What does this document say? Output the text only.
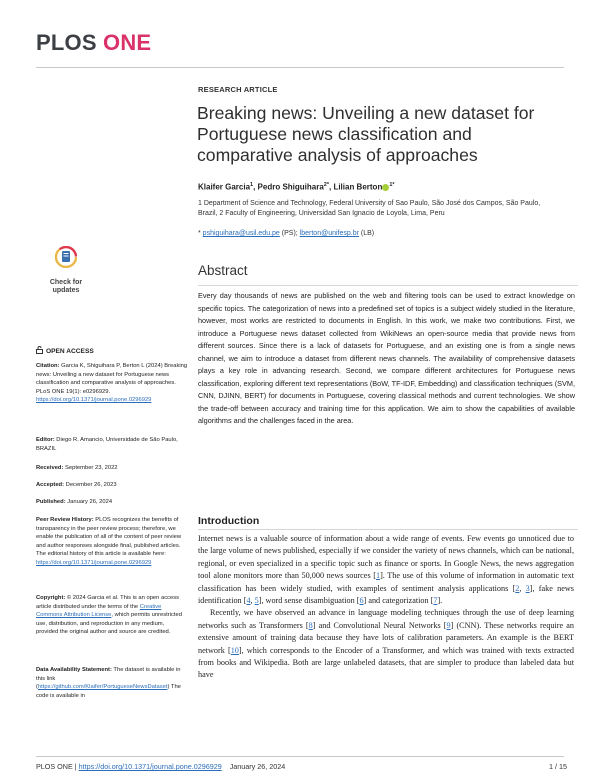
PLOS ONE
RESEARCH ARTICLE
Breaking news: Unveiling a new dataset for Portuguese news classification and comparative analysis of approaches
Klaifer Garcia$^1$, Pedro Shiguihara$^{2*}$, Lilian Berton $^{1*}$
1 Department of Science and Technology, Federal University of Sao Paulo, São José dos Campos, São Paulo, Brazil, 2 Faculty of Engineering, Universidad San Ignacio de Loyola, Lima, Peru
* pshiguihara@usil.edu.pe (PS); lberton@unifesp.br (LB)
Check for
updates
Abstract
Every day thousands of news are published on the web and filtering tools can be used to extract knowledge on specific topics. The categorization of news into a predefined set of topics is a subject widely studied in the literature, however, most works are restricted to documents in English. In this work, we make two contributions. First, we introduce a Portuguese news dataset collected from WikiNews an open-source media that provide news from different sources. Since there is a lack of datasets for Portuguese, and an existing one is from a single news channel, we aim to introduce a dataset from different news channels. The availability of comprehensive datasets plays a key role in advancing research. Second, we compare different architectures for Portuguese news classification, exploring different text representations (BoW, TF-IDF, Embedding) and classification techniques (SVM, CNN, DJINN, BERT) for documents in Portuguese, covering classical methods and current technologies. We show the trade-off between accuracy and training time for this application. We aim to show the capabilities of available algorithms and the challenges faced in the area.
OPEN ACCESS
Citation: Garcia K, Shiguihara P, Berton L (2024) Breaking news: Unveiling a new dataset for Portuguese news classification and comparative analysis of approaches. PLoS ONE 19(1): e0296929. https://doi.org/10.1371/journal.pone.0296929
Editor: Diego R. Amancio, Universidade de São Paulo, BRAZIL
Received: September 23, 2022
Accepted: December 26, 2023
Published: January 26, 2024
Peer Review History: PLOS recognizes the benefits of transparency in the peer review process; therefore, we enable the publication of all of the content of peer review and author responses alongside final, published articles. The editorial history of this article is available here: https://doi.org/10.1371/journal.pone.0296929
Copyright: © 2024 Garcia et al. This is an open access article distributed under the terms of the Creative Commons Attribution License, which permits unrestricted use, distribution, and reproduction in any medium, provided the original author and source are credited.
Data Availability Statement: The dataset is available in this link (https://github.com/Klaifer/PortugueseNewsDataset) The code is available in
Introduction

Internet news is a valuable source of information about a wide range of events. Few events go unnoticed due to the large volume of news published, especially if we consider the variety of news channels, which can be national, regional, or even specialized in a specific topic such as finance or sports. In Google News, the news aggregation tool alone monitors more than 50,000 news sources [1]. The use of this volume of information in automatic text classification has been widely studied, with examples of sentiment analysis applications [2, 3], fake news identification [4, 5], word sense disambiguation [6] and categorization [7].

Recently, we have observed an advance in language modeling techniques through the use of deep learning networks such as Transformers [8] and Convolutional Neural Networks [9] (CNN). These networks require an extensive amount of training data because they have lots of calibration parameters. An example is the BERT network [10], which corresponds to the Encoder of a Transformer, and which was trained with texts extracted from books and Wikipedia. Both are large unlabeled datasets, that are simpler to produce than labeled data but have

PLOS ONE | https://doi.org/10.1371/journal.pone.0296929 January 26, 2024	1 / 15
